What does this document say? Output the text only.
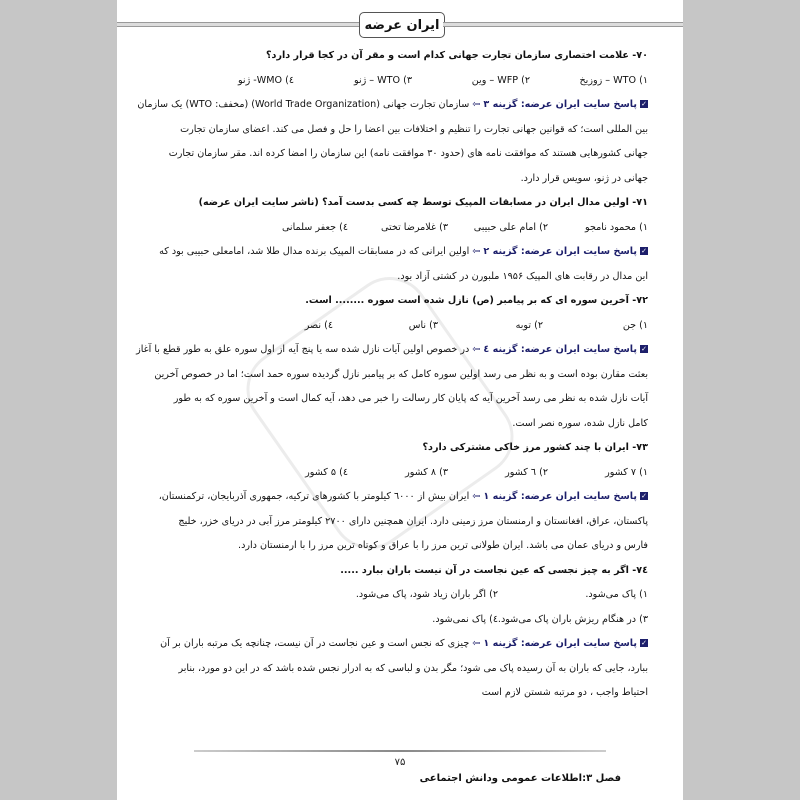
ایران عرضه
۷۰- علامت اختصاری سازمان تجارت جهانی کدام است و مقر آن در کجا قرار دارد؟
۱) WTO – زوزیخ
۲) WFP – وین
۳) WTO – ژنو
٤) WMO- ژنو
✓پاسخ سایت ایران عرضه: گزینه ۳ ⇦ سازمان تجارت جهانی (World Trade Organization) (مخفف: WTO) یک سازمان
بین المللی است؛ که قوانین جهانی تجارت را تنظیم و اختلافات بین اعضا را حل و فصل می کند. اعضای سازمان تجارت
جهانی کشورهایی هستند که موافقت نامه های (حدود ۳۰ موافقت نامه) این سازمان را امضا کرده اند. مقر سازمان تجارت
جهانی در ژنو، سویس قرار دارد.
۷۱- اولین مدال ایران در مسابقات المپیک توسط چه کسی بدست آمد؟ (ناشر سایت ایران عرضه)
۱) محمود نامجو
۲) امام علی حبیبی
۳) غلامرضا تختی
٤) جعفر سلمانی
✓پاسخ سایت ایران عرضه: گزینه ۲ ⇦ اولین ایرانی که در مسابقات المپیک برنده مدال طلا شد، امامعلی حبیبی بود که
این مدال در رقابت های المپیک ۱۹۵۶ ملبورن در کشتی آزاد بود.
۷۲- آخرین سوره ای که بر پیامبر (ص) نازل شده است سوره ........ است.
۱) جن
۲) توبه
۳) ناس
٤) نصر
✓پاسخ سایت ایران عرضه: گزینه ٤ ⇦ در خصوص اولین آیات نازل شده سه یا پنج آیه از اول سوره علق به طور قطع با آغاز
بعثت مقارن بوده است و به نظر می رسد اولین سوره کامل که بر پیامبر نازل گردیده سوره حمد است؛ اما در خصوص آخرین
آیات نازل شده به نظر می رسد آخرین آیه که پایان کار رسالت را خبر می دهد، آیه کمال است و آخرین سوره که به طور
کامل نازل شده، سوره نصر است.
۷۳- ایران با چند کشور مرز خاکی مشترکی دارد؟
۱) ۷ کشور
۲) ٦ کشور
۳) ۸ کشور
٤) ۵ کشور
✓پاسخ سایت ایران عرضه: گزینه ۱ ⇦ ایران بیش از ٦۰۰۰ کیلومتر با کشورهای ترکیه، جمهوری آذربایجان، ترکمنستان،
پاکستان، عراق، افغانستان و ارمنستان مرز زمینی دارد. ایران همچنین دارای ۲۷۰۰ کیلومتر مرز آبی در دریای خزر، خلیج
فارس و دریای عمان می باشد. ایران طولانی ترین مرز را با عراق و کوتاه ترین مرز را با ارمنستان دارد.
۷٤- اگر به چیز نجسی که عین نجاست در آن نیست باران ببارد .....
۱) پاک می‌شود.
۲) اگر باران زیاد شود، پاک می‌شود.
۳) در هنگام ریزش باران پاک می‌شود.
٤) پاک نمی‌شود.
✓پاسخ سایت ایران عرضه: گزینه ۱ ⇦ چیزی که نجس است و عین نجاست در آن نیست، چنانچه یک مرتبه باران بر آن
ببارد، جایی که باران به آن رسیده پاک می شود؛ مگر بدن و لباسی که به ادرار نجس شده باشد که در این دو مورد، بنابر
احتیاط واجب ، دو مرتبه شستن لازم است
۷۵
فصل ۳:اطلاعات عمومی ودانش اجتماعی
